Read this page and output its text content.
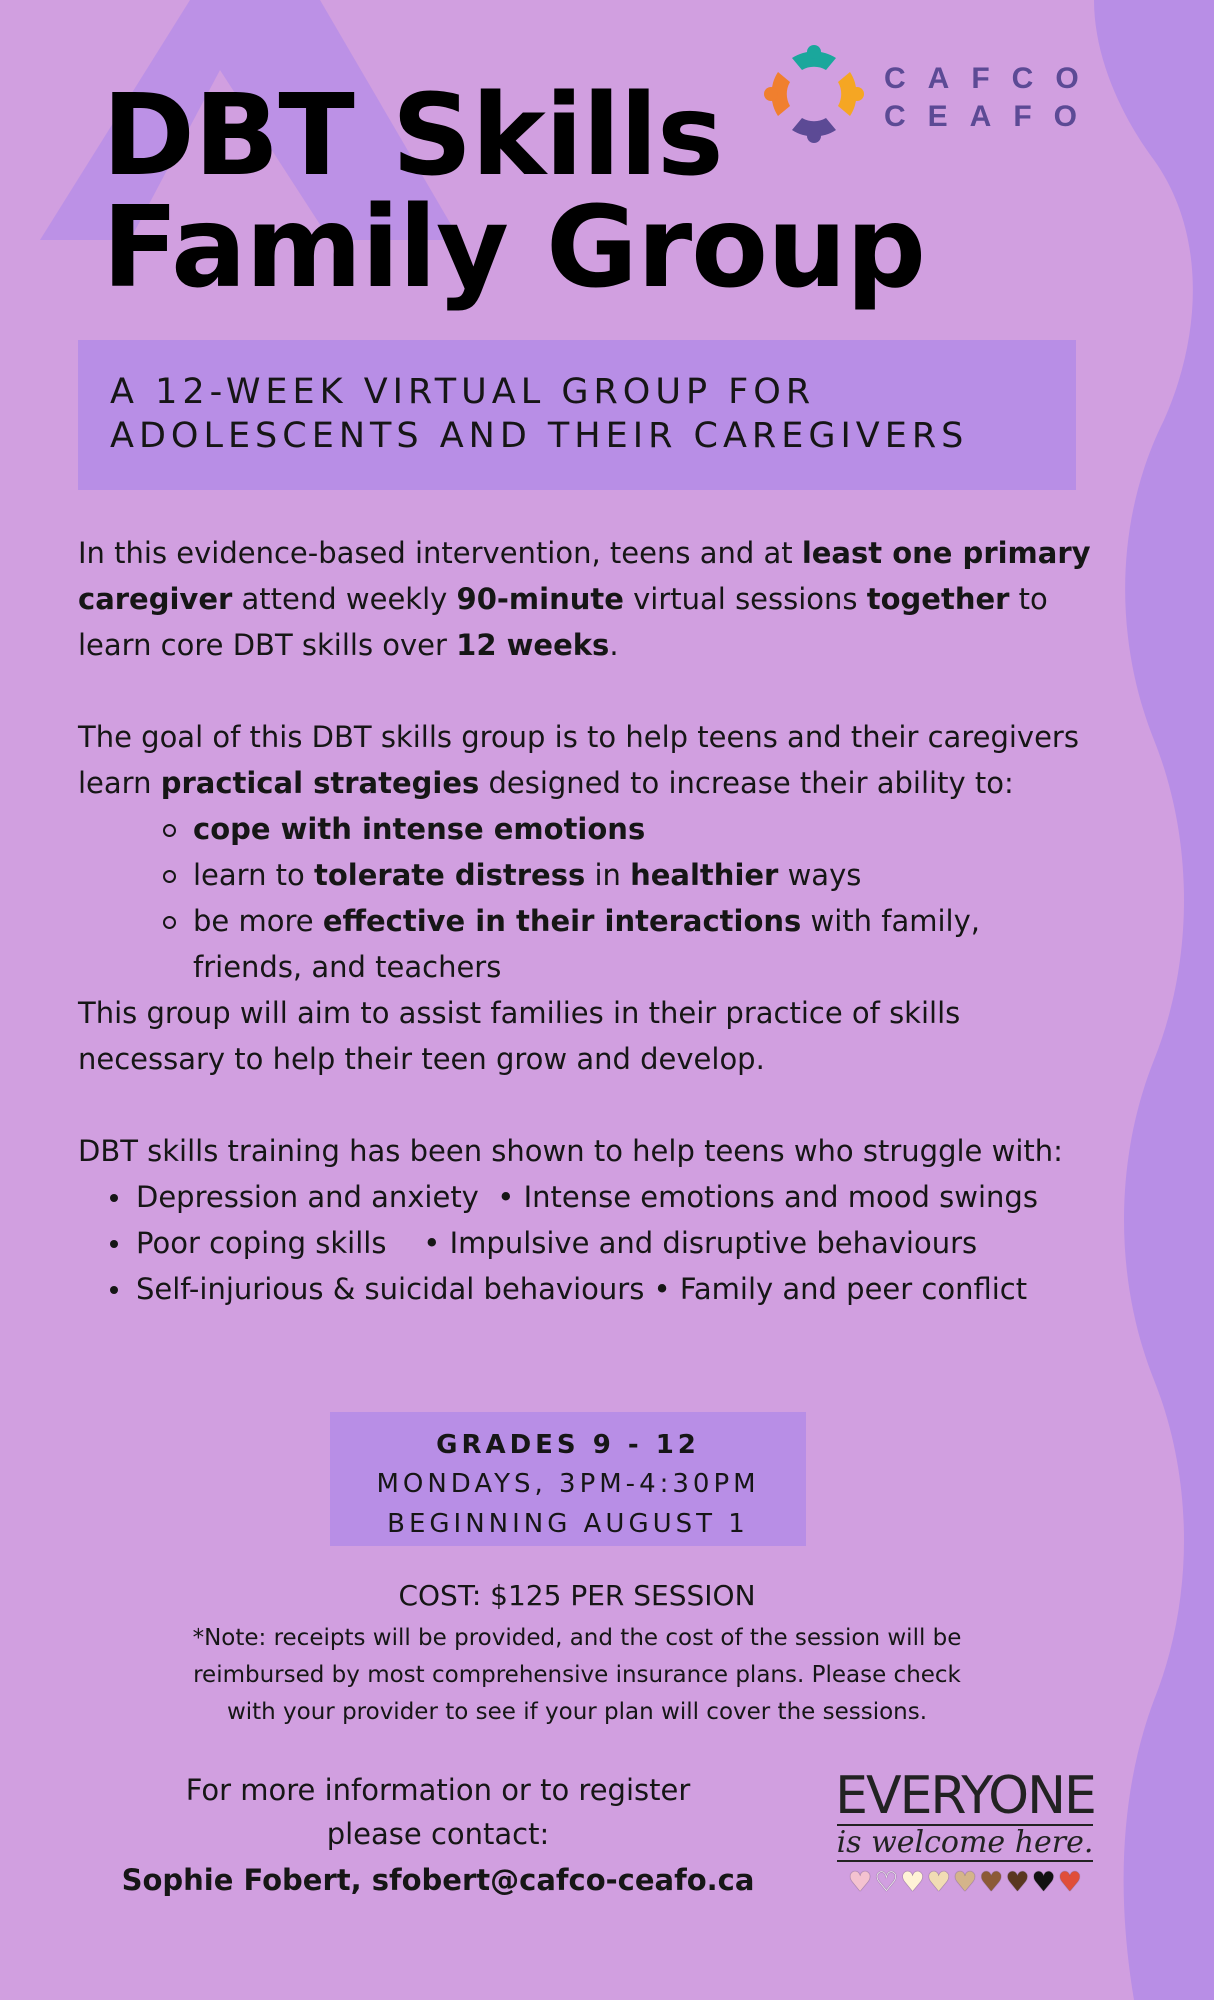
CAFCO
CEAFO
DBT Skills
Family Group
A 12-WEEK VIRTUAL GROUP FOR
ADOLESCENTS AND THEIR CAREGIVERS

In this evidence-based intervention, teens and at least one primary caregiver attend weekly 90-minute virtual sessions together to learn core DBT skills over 12 weeks.

The goal of this DBT skills group is to help teens and their caregivers learn practical strategies designed to increase their ability to:

cope with intense emotions
learn to tolerate distress in healthier ways
be more effective in their interactions with family, friends, and teachers

This group will aim to assist families in their practice of skills necessary to help their teen grow and develop.

DBT skills training has been shown to help teens who struggle with:

Depression and anxiety  • Intense emotions and mood swings
Poor coping skills    • Impulsive and disruptive behaviours
Self-injurious & suicidal behaviours • Family and peer conflict
GRADES 9 - 12
MONDAYS, 3PM-4:30PM
BEGINNING AUGUST 1
COST: $125 PER SESSION
*Note: receipts will be provided, and the cost of the session will be reimbursed by most comprehensive insurance plans. Please check with your provider to see if your plan will cover the sessions.
For more information or to register
please contact:
Sophie Fobert, sfobert@cafco-ceafo.ca
EVERYONE
is welcome here.
♥ ♡ ♥ ♥ ♥ ♥ ♥ ♥ ♥
